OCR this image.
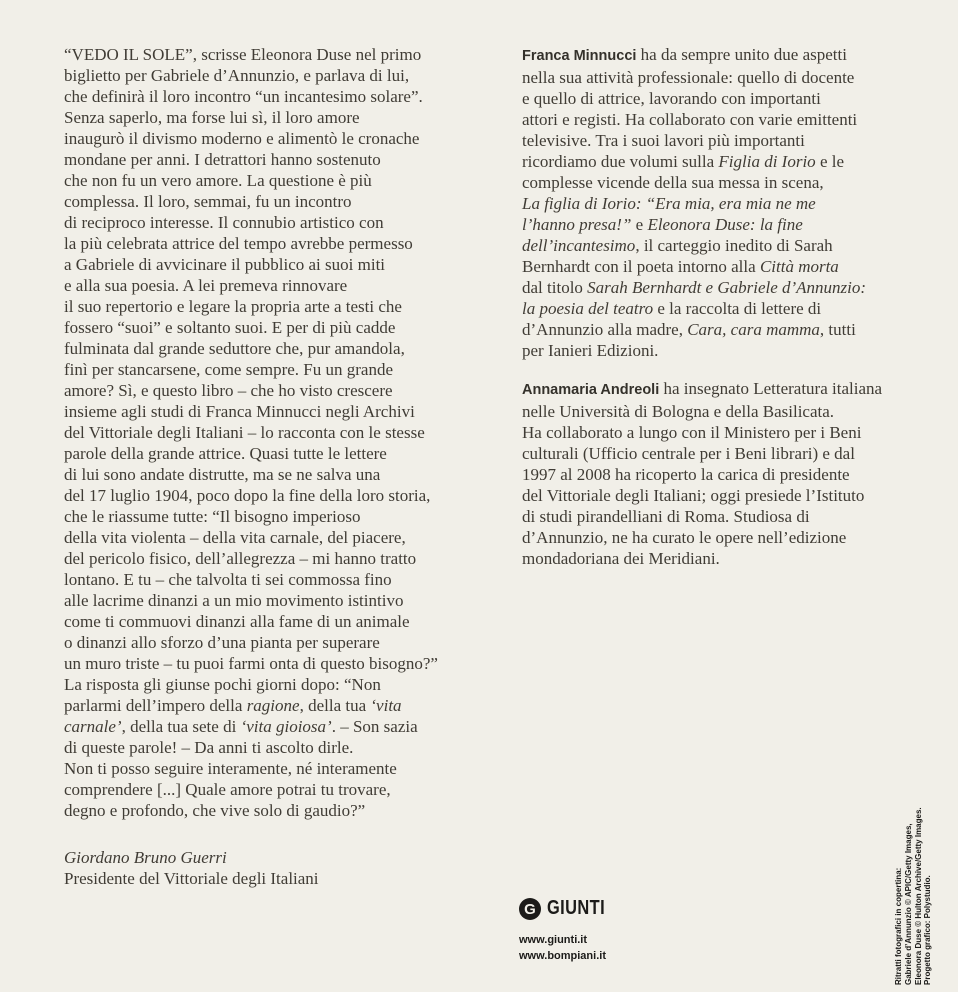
“VEDO IL SOLE”, scrisse Eleonora Duse nel primo
biglietto per Gabriele d’Annunzio, e parlava di lui,
che definirà il loro incontro “un incantesimo solare”.
Senza saperlo, ma forse lui sì, il loro amore
inaugurò il divismo moderno e alimentò le cronache
mondane per anni. I detrattori hanno sostenuto
che non fu un vero amore. La questione è più
complessa. Il loro, semmai, fu un incontro
di reciproco interesse. Il connubio artistico con
la più celebrata attrice del tempo avrebbe permesso
a Gabriele di avvicinare il pubblico ai suoi miti
e alla sua poesia. A lei premeva rinnovare
il suo repertorio e legare la propria arte a testi che
fossero “suoi” e soltanto suoi. E per di più cadde
fulminata dal grande seduttore che, pur amandola,
finì per stancarsene, come sempre. Fu un grande
amore? Sì, e questo libro – che ho visto crescere
insieme agli studi di Franca Minnucci negli Archivi
del Vittoriale degli Italiani – lo racconta con le stesse
parole della grande attrice. Quasi tutte le lettere
di lui sono andate distrutte, ma se ne salva una
del 17 luglio 1904, poco dopo la fine della loro storia,
che le riassume tutte: “Il bisogno imperioso
della vita violenta – della vita carnale, del piacere,
del pericolo fisico, dell’allegrezza – mi hanno tratto
lontano. E tu – che talvolta ti sei commossa fino
alle lacrime dinanzi a un mio movimento istintivo
come ti commuovi dinanzi alla fame di un animale
o dinanzi allo sforzo d’una pianta per superare
un muro triste – tu puoi farmi onta di questo bisogno?”
La risposta gli giunse pochi giorni dopo: “Non
parlarmi dell’impero della ragione, della tua ‘vita
carnale’, della tua sete di ‘vita gioiosa’. – Son sazia
di queste parole! – Da anni ti ascolto dirle.
Non ti posso seguire interamente, né interamente
comprendere [...] Quale amore potrai tu trovare,
degno e profondo, che vive solo di gaudio?”
Giordano Bruno Guerri
Presidente del Vittoriale degli Italiani
Franca Minnucci ha da sempre unito due aspetti
nella sua attività professionale: quello di docente
e quello di attrice, lavorando con importanti
attori e registi. Ha collaborato con varie emittenti
televisive. Tra i suoi lavori più importanti
ricordiamo due volumi sulla Figlia di Iorio e le
complesse vicende della sua messa in scena,
La figlia di Iorio: “Era mia, era mia ne me
l’hanno presa!” e Eleonora Duse: la fine
dell’incantesimo, il carteggio inedito di Sarah
Bernhardt con il poeta intorno alla Città morta
dal titolo Sarah Bernhardt e Gabriele d’Annunzio:
la poesia del teatro e la raccolta di lettere di
d’Annunzio alla madre, Cara, cara mamma, tutti
per Ianieri Edizioni.
Annamaria Andreoli ha insegnato Letteratura italiana
nelle Università di Bologna e della Basilicata.
Ha collaborato a lungo con il Ministero per i Beni
culturali (Ufficio centrale per i Beni librari) e dal
1997 al 2008 ha ricoperto la carica di presidente
del Vittoriale degli Italiani; oggi presiede l’Istituto
di studi pirandelliani di Roma. Studiosa di
d’Annunzio, ne ha curato le opere nell’edizione
mondadoriana dei Meridiani.
G GIUNTI
www.giunti.it
www.bompiani.it	Ritratti fotografici in copertina: Gabriele d’Annunzio © APIC/Getty Images, Eleonora Duse © Hulton Archive/Getty Images. Progetto grafico: Polystudio.
